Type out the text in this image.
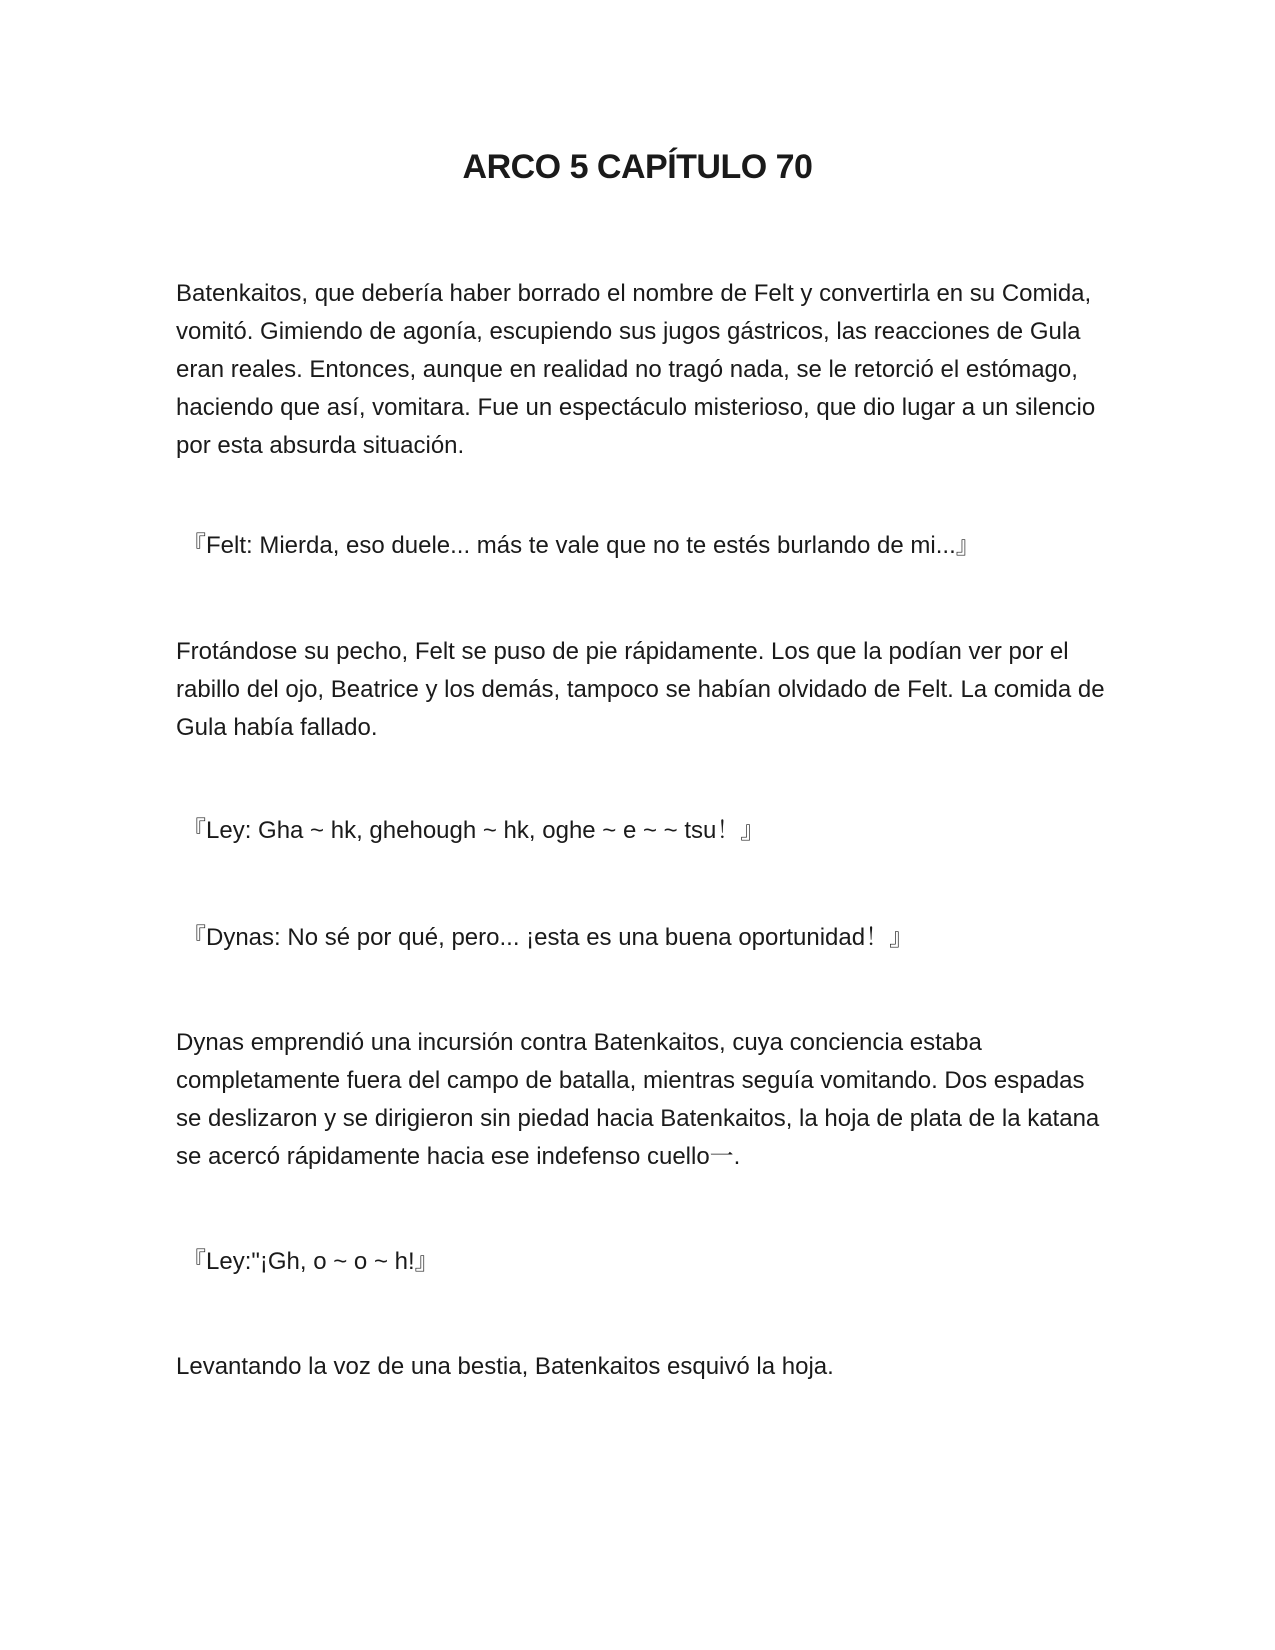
ARCO 5 CAPÍTULO 70

Batenkaitos, que debería haber borrado el nombre de Felt y convertirla en su Comida, vomitó. Gimiendo de agonía, escupiendo sus jugos gástricos, las reacciones de Gula eran reales. Entonces, aunque en realidad no tragó nada, se le retorció el estómago, haciendo que así, vomitara. Fue un espectáculo misterioso, que dio lugar a un silencio por esta absurda situación.

『Felt: Mierda, eso duele... más te vale que no te estés burlando de mi...』

Frotándose su pecho, Felt se puso de pie rápidamente. Los que la podían ver por el rabillo del ojo, Beatrice y los demás, tampoco se habían olvidado de Felt. La comida de Gula había fallado.

『Ley: Gha ~ hk, ghehough ~ hk, oghe ~ e ~ ~ tsu！』

『Dynas: No sé por qué, pero... ¡esta es una buena oportunidad！』

Dynas emprendió una incursión contra Batenkaitos, cuya conciencia estaba completamente fuera del campo de batalla, mientras seguía vomitando. Dos espadas se deslizaron y se dirigieron sin piedad hacia Batenkaitos, la hoja de plata de la katana se acercó rápidamente hacia ese indefenso cuello一.

『Ley:"¡Gh, o ~ o ~ h!』

Levantando la voz de una bestia, Batenkaitos esquivó la hoja.
